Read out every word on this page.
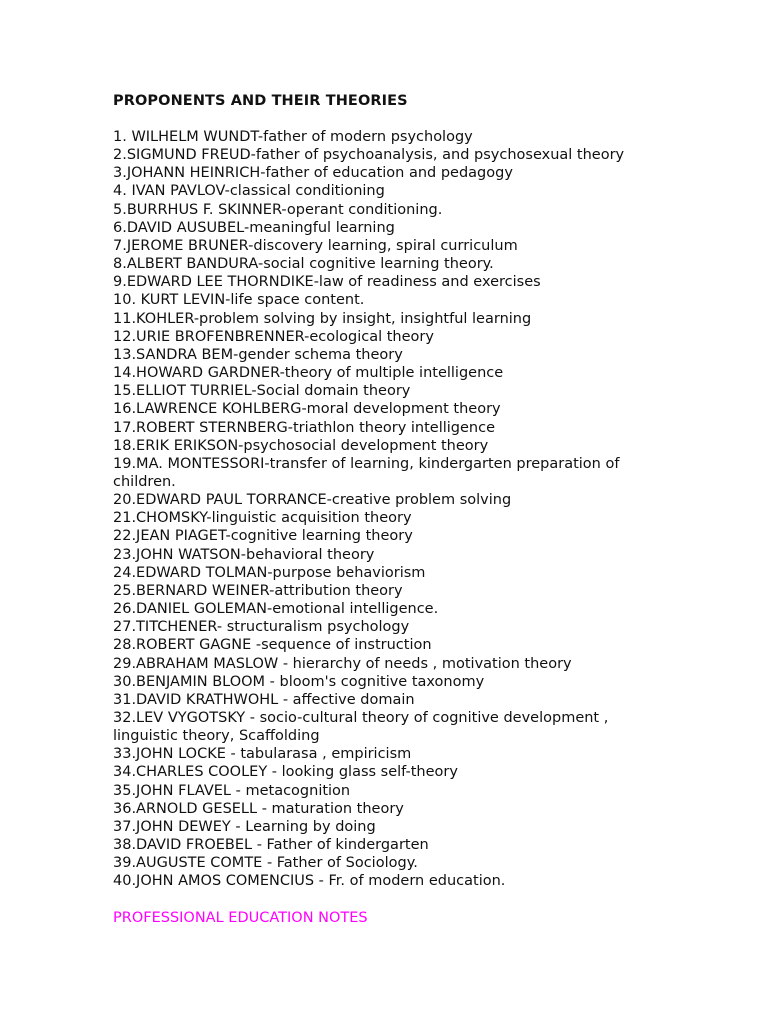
PROPONENTS AND THEIR THEORIES
1. WILHELM WUNDT-father of modern psychology
2.SIGMUND FREUD-father of psychoanalysis, and psychosexual theory
3.JOHANN HEINRICH-father of education and pedagogy
4. IVAN PAVLOV-classical conditioning
5.BURRHUS F. SKINNER-operant conditioning.
6.DAVID AUSUBEL-meaningful learning
7.JEROME BRUNER-discovery learning, spiral curriculum
8.ALBERT BANDURA-social cognitive learning theory.
9.EDWARD LEE THORNDIKE-law of readiness and exercises
10. KURT LEVIN-life space content.
11.KOHLER-problem solving by insight, insightful learning
12.URIE BROFENBRENNER-ecological theory
13.SANDRA BEM-gender schema theory
14.HOWARD GARDNER-theory of multiple intelligence
15.ELLIOT TURRIEL-Social domain theory
16.LAWRENCE KOHLBERG-moral development theory
17.ROBERT STERNBERG-triathlon theory intelligence
18.ERIK ERIKSON-psychosocial development theory
19.MA. MONTESSORI-transfer of learning, kindergarten preparation of children.
20.EDWARD PAUL TORRANCE-creative problem solving
21.CHOMSKY-linguistic acquisition theory
22.JEAN PIAGET-cognitive learning theory
23.JOHN WATSON-behavioral theory
24.EDWARD TOLMAN-purpose behaviorism
25.BERNARD WEINER-attribution theory
26.DANIEL GOLEMAN-emotional intelligence.
27.TITCHENER- structuralism psychology
28.ROBERT GAGNE -sequence of instruction
29.ABRAHAM MASLOW - hierarchy of needs , motivation theory
30.BENJAMIN BLOOM - bloom's cognitive taxonomy
31.DAVID KRATHWOHL - affective domain
32.LEV VYGOTSKY - socio-cultural theory of cognitive development , linguistic theory, Scaffolding
33.JOHN LOCKE - tabularasa , empiricism
34.CHARLES COOLEY - looking glass self-theory
35.JOHN FLAVEL - metacognition
36.ARNOLD GESELL - maturation theory
37.JOHN DEWEY - Learning by doing
38.DAVID FROEBEL - Father of kindergarten
39.AUGUSTE COMTE - Father of Sociology.
40.JOHN AMOS COMENCIUS - Fr. of modern education.
PROFESSIONAL EDUCATION NOTES
